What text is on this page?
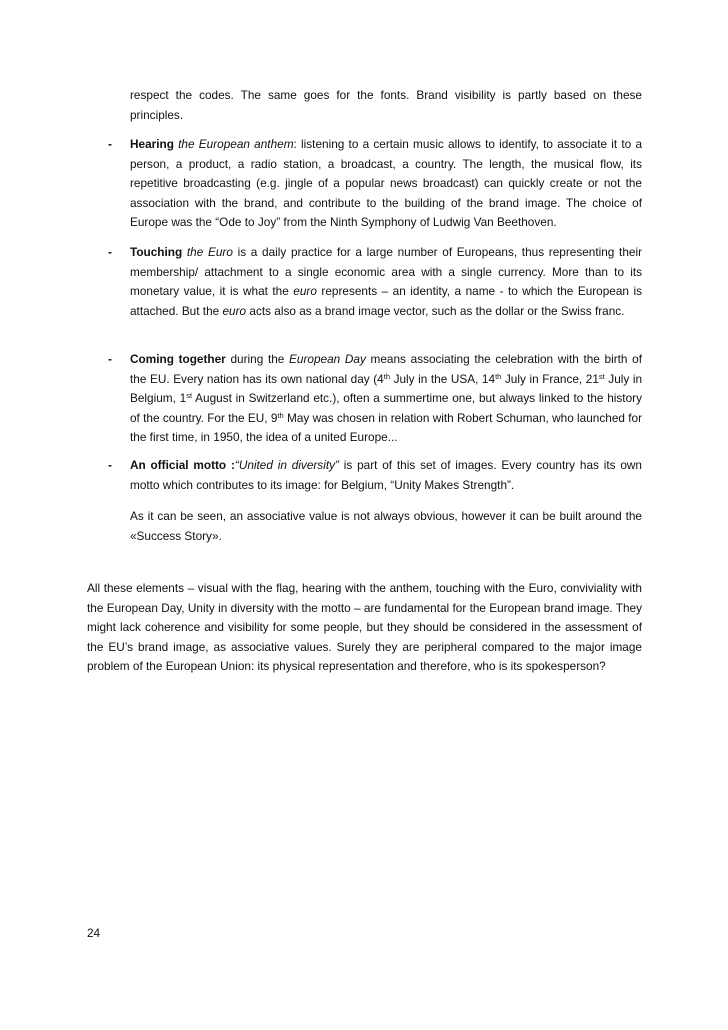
respect the codes. The same goes for the fonts. Brand visibility is partly based on these principles.

- Hearing the European anthem: listening to a certain music allows to identify, to associate it to a person, a product, a radio station, a broadcast, a country. The length, the musical flow, its repetitive broadcasting (e.g. jingle of a popular news broadcast) can quickly create or not the association with the brand, and contribute to the building of the brand image. The choice of Europe was the “Ode to Joy” from the Ninth Symphony of Ludwig Van Beethoven.
- Touching the Euro is a daily practice for a large number of Europeans, thus representing their membership/ attachment to a single economic area with a single currency. More than to its monetary value, it is what the euro represents – an identity, a name - to which the European is attached. But the euro acts also as a brand image vector, such as the dollar or the Swiss franc.
- Coming together during the European Day means associating the celebration with the birth of the EU. Every nation has its own national day (4th July in the USA, 14th July in France, 21st July in Belgium, 1st August in Switzerland etc.), often a summertime one, but always linked to the history of the country. For the EU, 9th May was chosen in relation with Robert Schuman, who launched for the first time, in 1950, the idea of a united Europe...
- An official motto :“United in diversity” is part of this set of images. Every country has its own motto which contributes to its image: for Belgium, “Unity Makes Strength”.

As it can be seen, an associative value is not always obvious, however it can be built around the «Success Story».

All these elements – visual with the flag, hearing with the anthem, touching with the Euro, conviviality with the European Day, Unity in diversity with the motto – are fundamental for the European brand image. They might lack coherence and visibility for some people, but they should be considered in the assessment of the EU’s brand image, as associative values. Surely they are peripheral compared to the major image problem of the European Union: its physical representation and therefore, who is its spokesperson?

24
